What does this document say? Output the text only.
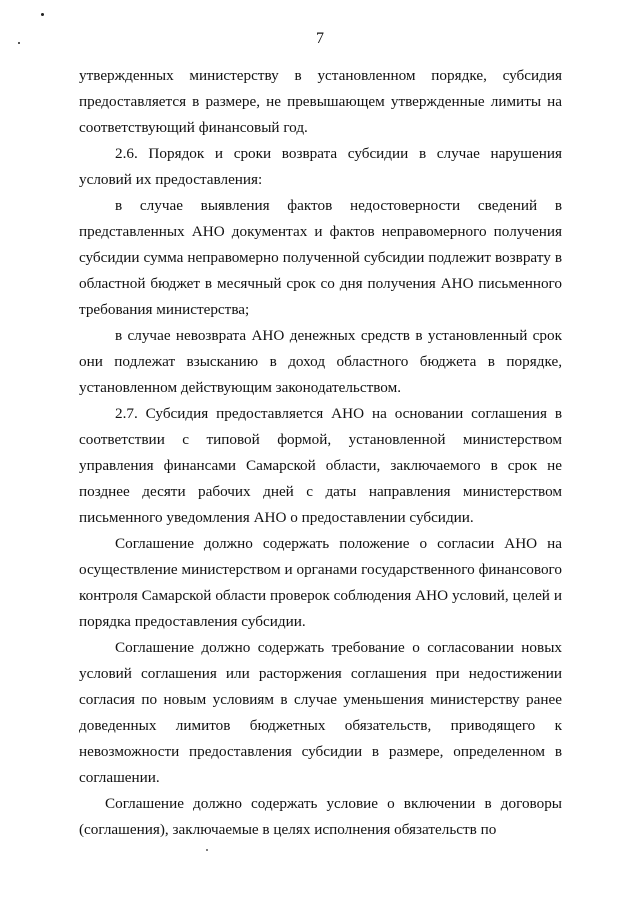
7

утвержденных министерству в установленном порядке, субсидия предоставляется в размере, не превышающем утвержденные лимиты на соответствующий финансовый год.

2.6. Порядок и сроки возврата субсидии в случае нарушения условий их предоставления:

в случае выявления фактов недостоверности сведений в представленных АНО документах и фактов неправомерного получения субсидии сумма неправомерно полученной субсидии подлежит возврату в областной бюджет в месячный срок со дня получения АНО письменного требования министерства;

в случае невозврата АНО денежных средств в установленный срок они подлежат взысканию в доход областного бюджета в порядке, установленном действующим законодательством.

2.7. Субсидия предоставляется АНО на основании соглашения в соответствии с типовой формой, установленной министерством управления финансами Самарской области, заключаемого в срок не позднее десяти рабочих дней с даты направления министерством письменного уведомления АНО о предоставлении субсидии.

Соглашение должно содержать положение о согласии АНО на осуществление министерством и органами государственного финансового контроля Самарской области проверок соблюдения АНО условий, целей и порядка предоставления субсидии.

Соглашение должно содержать требование о согласовании новых условий соглашения или расторжения соглашения при недостижении согласия по новым условиям в случае уменьшения министерству ранее доведенных лимитов бюджетных обязательств, приводящего к невозможности предоставления субсидии в размере, определенном в соглашении.

Соглашение должно содержать условие о включении в договоры (соглашения), заключаемые в целях исполнения обязательств по
